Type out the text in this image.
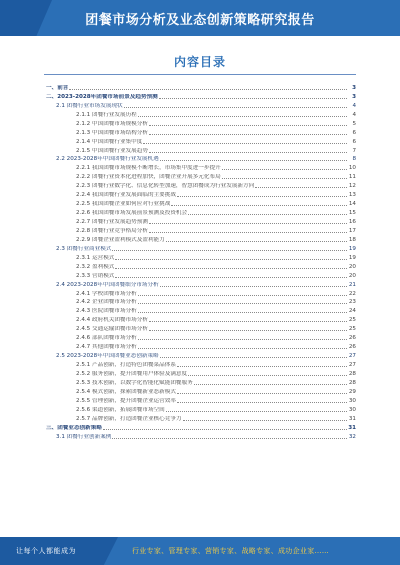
团餐市场分析及业态创新策略研究报告
内容目录
一、前言	3
二、2023-2028年团餐市场前景及趋势预测	3
2.1 团餐行业市场发展现状	4
2.1.1 团餐行业发展历程	4
2.1.2 中国团餐市场规模分析	5
2.1.3 中国团餐市场结构分析	6
2.1.4 中国团餐行业集中度	6
2.1.5 中国团餐行业发展趋势	7
2.2 2023-2028年中国团餐行业发展机遇	8
2.2.1 我国团餐市场规模不断增长，市场集中度进一步提升	10
2.2.2 团餐行业资本化进程加快，团餐企业开展多元化布局	11
2.2.3 团餐行业数字化、信息化转型加速，智慧团餐成为行业发展新方向	12
2.2.4 我国团餐行业发展面临的主要挑战	13
2.2.5 我国团餐企业如何应对行业挑战	14
2.2.6 我国团餐市场发展前景预测及投资机会	15
2.2.7 团餐行业发展趋势预测	16
2.2.8 团餐行业竞争格局分析	17
2.2.9 团餐企业盈利模式及盈利能力	18
2.3 团餐行业商业模式	19
2.3.1 运营模式	19
2.3.2 盈利模式	20
2.3.3 营销模式	20
2.4 2023-2028年中国团餐细分市场分析	21
2.4.1 学校团餐市场分析	22
2.4.2 企业团餐市场分析	23
2.4.3 医院团餐市场分析	24
2.4.4 政府机关团餐市场分析	25
2.4.5 交通运输团餐市场分析	25
2.4.6 部队团餐市场分析	26
2.4.7 其他团餐市场分析	26
2.5 2023-2028年中国团餐业态创新策略	27
2.5.1 产品创新，打造特色团餐菜品体系	27
2.5.2 服务创新，提升团餐用户体验及满意度	28
2.5.3 技术创新，以数字化智能化赋能团餐服务	28
2.5.4 模式创新，探索团餐新业态新模式	29
2.5.5 管理创新，提升团餐企业运营效率	30
2.5.6 渠道创新，拓展团餐市场空间	30
2.5.7 品牌创新，打造团餐企业核心竞争力	31
三、团餐业态创新策略	31
3.1 团餐行业创新案例	32
让每个人都能成为	行业专家、管理专家、营销专家、战略专家、成功企业家……
